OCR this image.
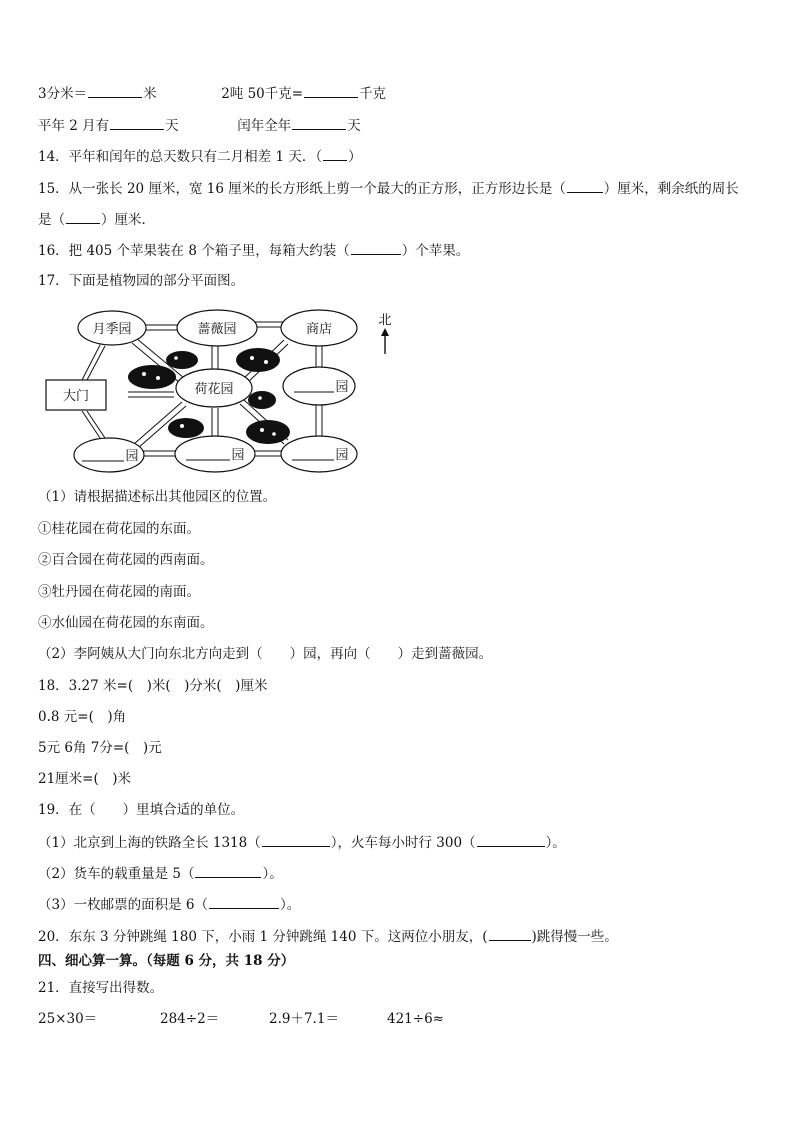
3分米＝	米	2吨 50千克=	千克
平年 2 月有	天	闰年全年	天
14．平年和闰年的总天数只有二月相差 1 天．（ ）
15．从一张长 20 厘米，宽 16 厘米的长方形纸上剪一个最大的正方形，正方形边长是（	）厘米，剩余纸的周长
是（	）厘米．
16．把 405 个苹果装在 8 个箱子里，每箱大约装（	）个苹果。
17．下面是植物园的部分平面图。
月季园	蔷薇园	商店
荷花园
大门
园
园	园	园
北
（1）请根据描述标出其他园区的位置。
①桂花园在荷花园的东面。
②百合园在荷花园的西南面。
③牡丹园在荷花园的南面。
④水仙园在荷花园的东南面。
（2）李阿姨从大门向东北方向走到（　　）园，再向（　　）走到蔷薇园。
18．3.27 米=(　)米(　)分米(　)厘米
0.8 元=(　)角
5元 6角 7分=(　)元
21厘米=(　)米
19．在（　　）里填合适的单位。
（1）北京到上海的铁路全长 1318（	），火车每小时行 300（	）。
（2）货车的载重量是 5（	）。
（3）一枚邮票的面积是 6（	）。
20．东东 3 分钟跳绳 180 下，小雨 1 分钟跳绳 140 下。这两位小朋友，(	)跳得慢一些。
四、细心算一算。（每题 6 分，共 18 分）
21．直接写出得数。
25×30＝	284÷2＝	2.9＋7.1＝	421÷6≈
